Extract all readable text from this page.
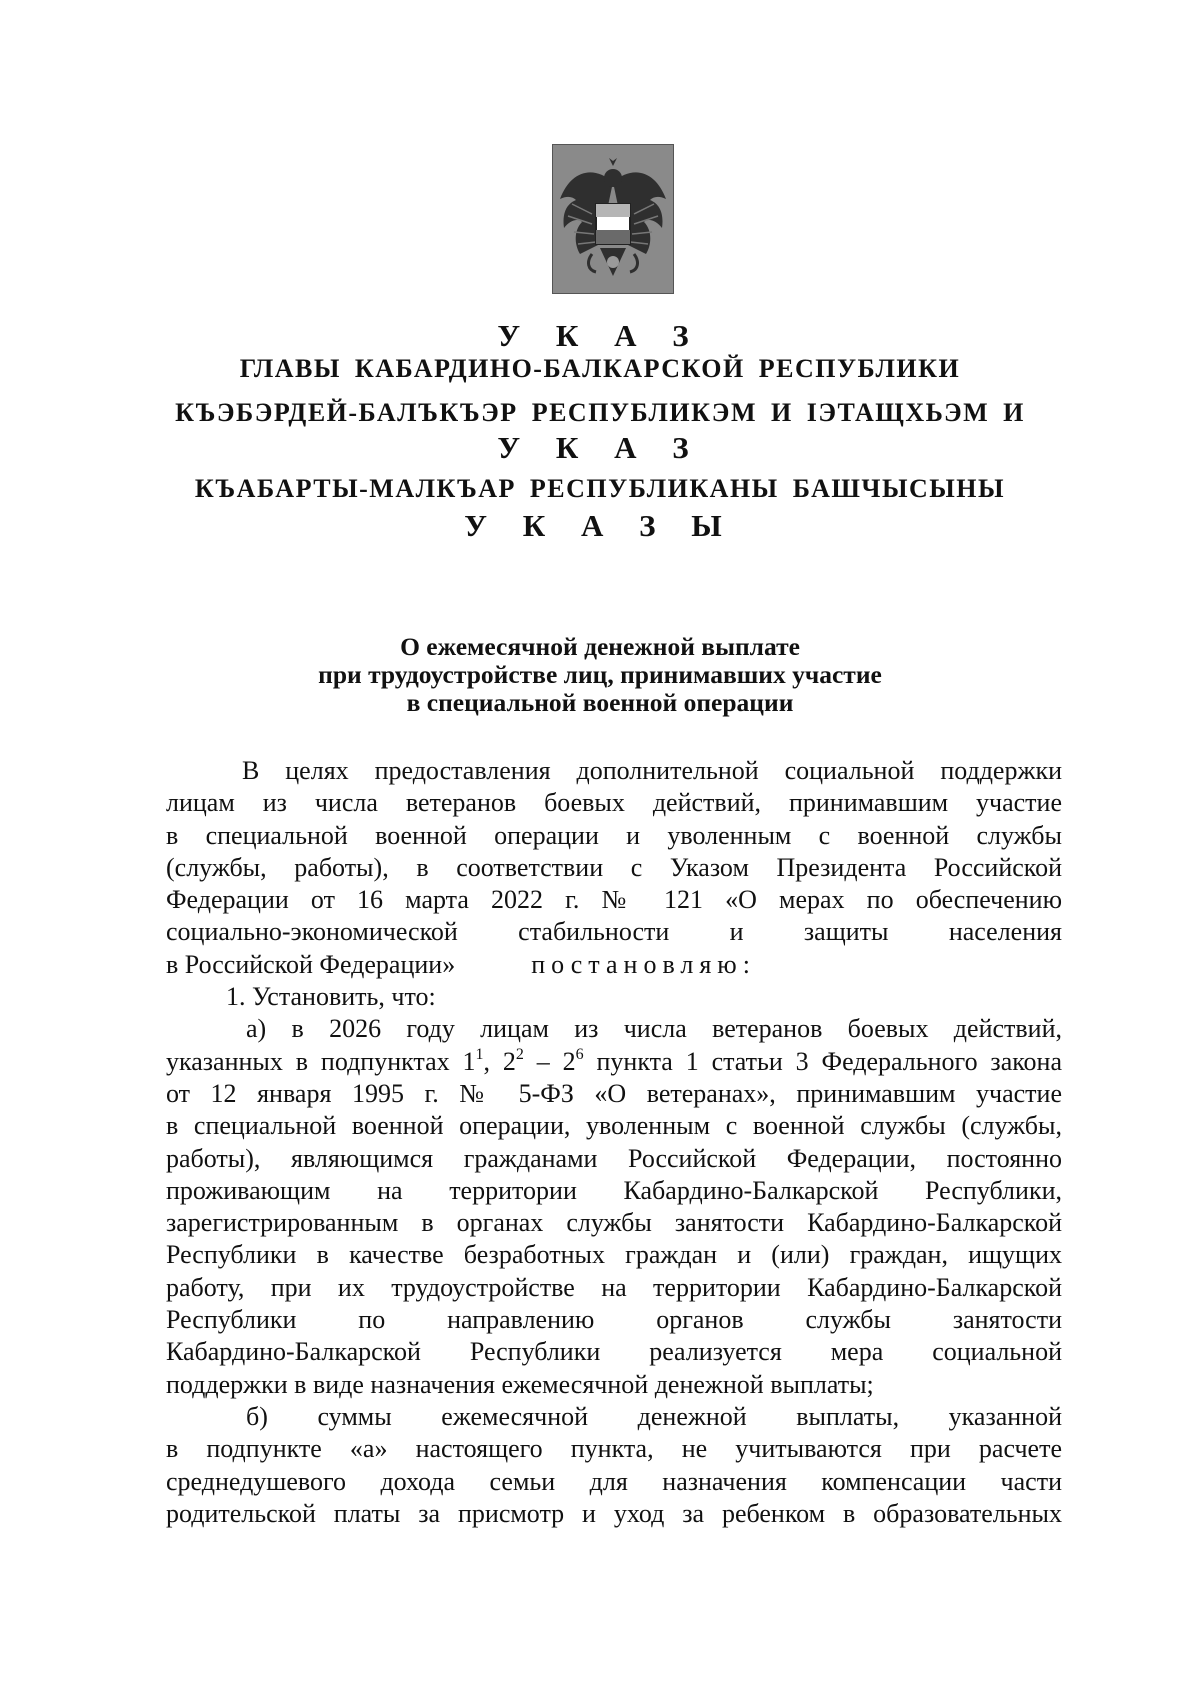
У К А З
ГЛАВЫ КАБАРДИНО-БАЛКАРСКОЙ РЕСПУБЛИКИ
КЪЭБЭРДЕЙ-БАЛЪКЪЭР РЕСПУБЛИКЭМ И IЭТАЩХЬЭМ И
У К А З
КЪАБАРТЫ-МАЛКЪАР РЕСПУБЛИКАНЫ БАШЧЫСЫНЫ
У К А З Ы
О ежемесячной денежной выплате
при трудоустройстве лиц, принимавших участие
в специальной военной операции
В целях предоставления дополнительной социальной поддержки
лицам из числа ветеранов боевых действий, принимавшим участие
в специальной военной операции и уволенным с военной службы
(службы, работы), в соответствии с Указом Президента Российской
Федерации от 16 марта 2022 г. № 121 «О мерах по обеспечению
социально-экономической стабильности и защиты населения
в Российской Федерации»	постановляю:
1. Установить, что:
а) в 2026 году лицам из числа ветеранов боевых действий,
указанных в подпунктах $1^1$, $2^2 - 2^6$ пункта 1 статьи 3 Федерального закона
от 12 января 1995 г. № 5-ФЗ «О ветеранах», принимавшим участие
в специальной военной операции, уволенным с военной службы (службы,
работы), являющимся гражданами Российской Федерации, постоянно
проживающим на территории Кабардино-Балкарской Республики,
зарегистрированным в органах службы занятости Кабардино-Балкарской
Республики в качестве безработных граждан и (или) граждан, ищущих
работу, при их трудоустройстве на территории Кабардино-Балкарской
Республики по направлению органов службы занятости
Кабардино-Балкарской Республики реализуется мера социальной
поддержки в виде назначения ежемесячной денежной выплаты;
б) суммы ежемесячной денежной выплаты, указанной
в подпункте «а» настоящего пункта, не учитываются при расчете
среднедушевого дохода семьи для назначения компенсации части
родительской платы за присмотр и уход за ребенком в образовательных
